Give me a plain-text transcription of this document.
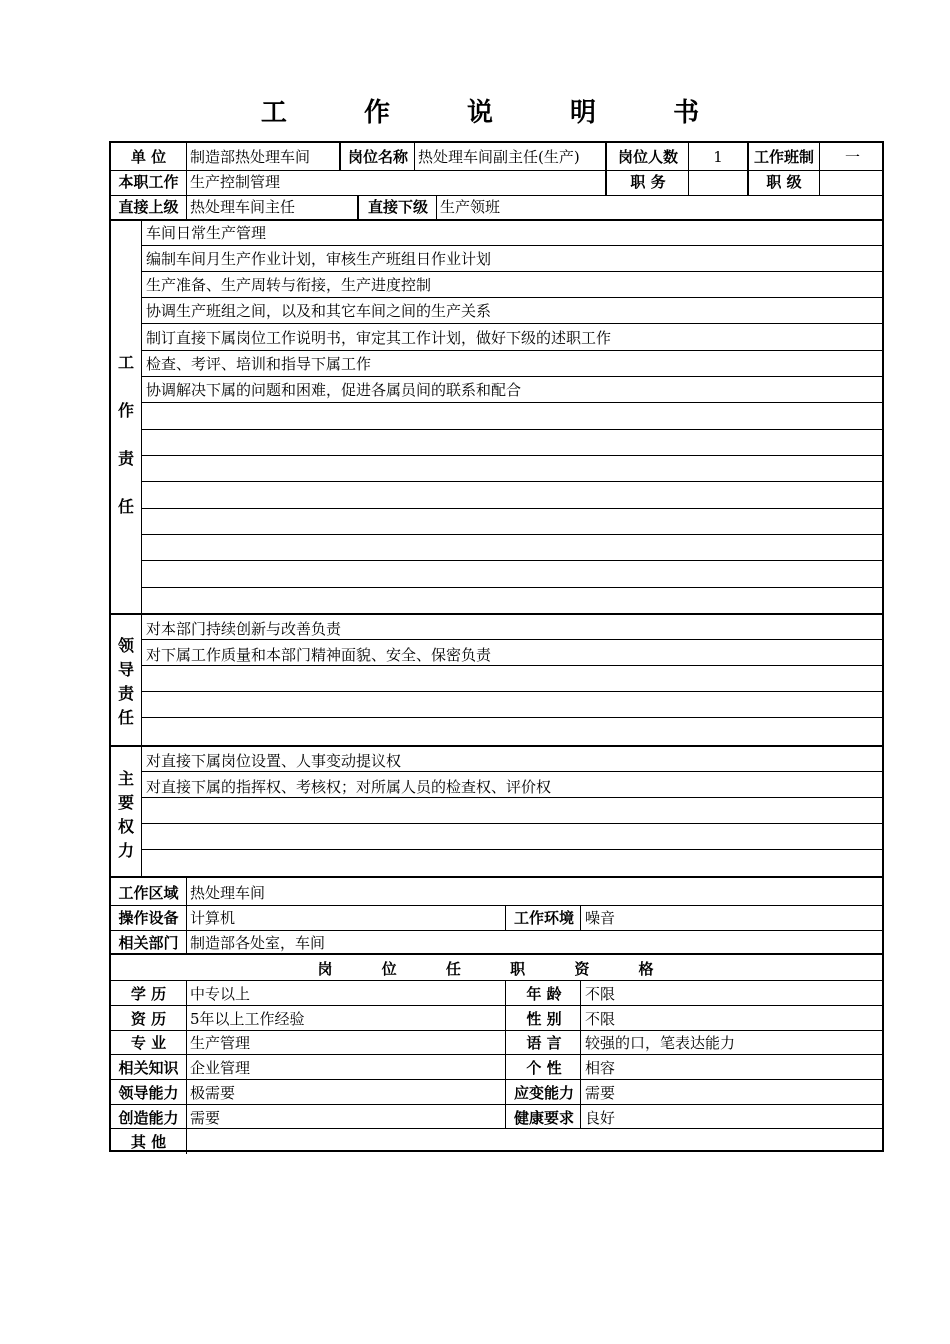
工 作 说 明 书
单 位	制造部热处理车间	岗位名称 热处理车间副主任(生产)	岗位人数	1	工作班制	一
本职工作 生产控制管理	职 务	职 级
直接上级 热处理车间主任	直接下级 生产领班
工
作
责
任
车间日常生产管理
编制车间月生产作业计划，审核生产班组日作业计划
生产准备、生产周转与衔接，生产进度控制
协调生产班组之间，以及和其它车间之间的生产关系
制订直接下属岗位工作说明书，审定其工作计划，做好下级的述职工作
检查、考评、培训和指导下属工作
协调解决下属的问题和困难，促进各属员间的联系和配合
领
导
责
任
对本部门持续创新与改善负责
对下属工作质量和本部门精神面貌、安全、保密负责
主
要
权
力
对直接下属岗位设置、人事变动提议权
对直接下属的指挥权、考核权；对所属人员的检查权、评价权
工作区域 热处理车间
操作设备 计算机	工作环境 噪音
相关部门 制造部各处室，车间
岗 位 任 职 资 格
学 历	中专以上	年 龄	不限
资 历	5年以上工作经验	性 别	不限
专 业	生产管理	语 言	较强的口，笔表达能力
相关知识 企业管理	个 性	相容
领导能力 极需要	应变能力 需要
创造能力 需要	健康要求 良好
其 他
